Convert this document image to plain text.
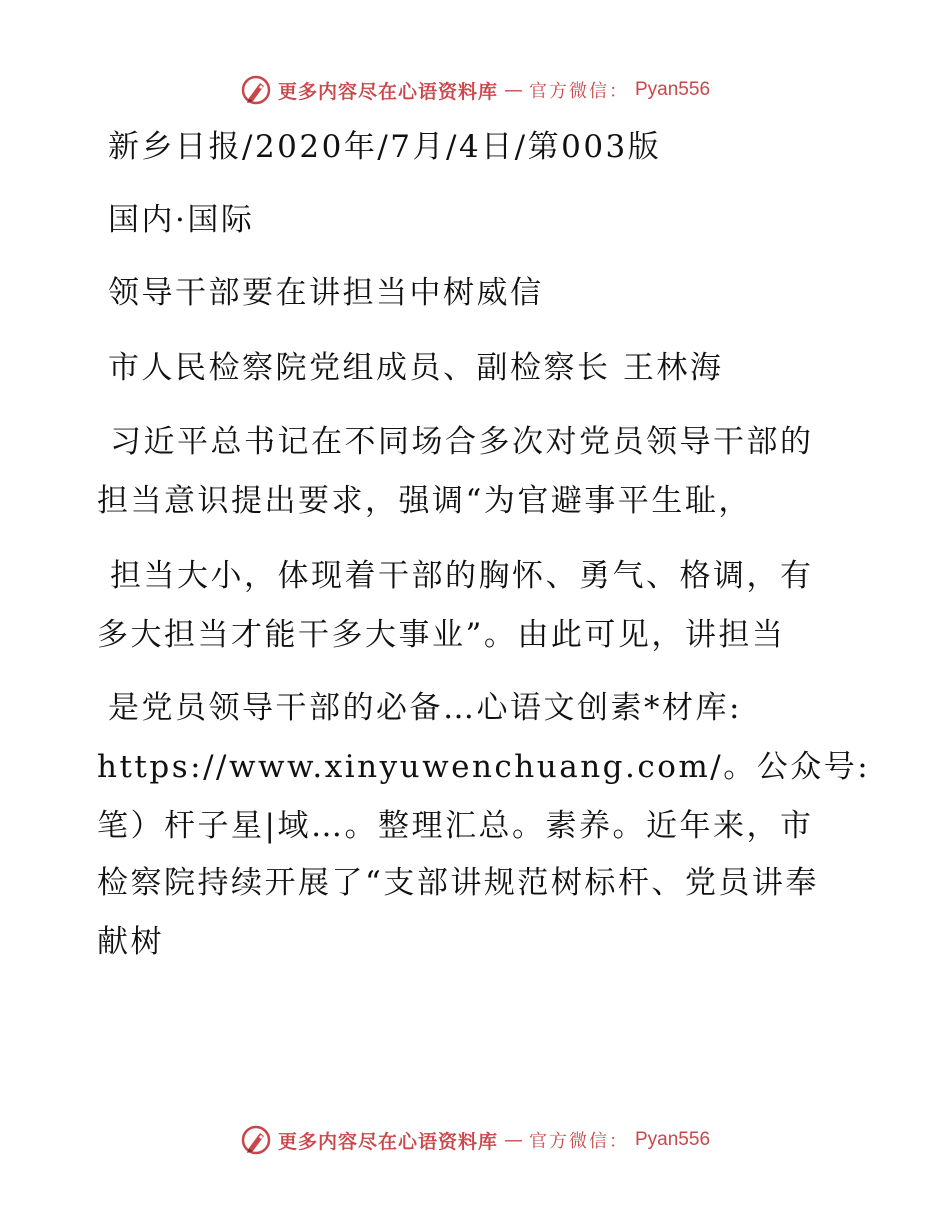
更多内容尽在心语资料库 — 官方微信： Pyan556

新乡日报/2020年/7月/4日/第003版

国内·国际

领导干部要在讲担当中树威信

市人民检察院党组成员、副检察长 王林海

习近平总书记在不同场合多次对党员领导干部的

担当意识提出要求，强调“为官避事平生耻，

担当大小，体现着干部的胸怀、勇气、格调，有

多大担当才能干多大事业”。由此可见，讲担当

是党员领导干部的必备…心语文创素*材库:

https://www.xinyuwenchuang.com/。公众号:

笔）杆子星|域…。整理汇总。素养。近年来，市

检察院持续开展了“支部讲规范树标杆、党员讲奉

献树

更多内容尽在心语资料库 — 官方微信： Pyan556
